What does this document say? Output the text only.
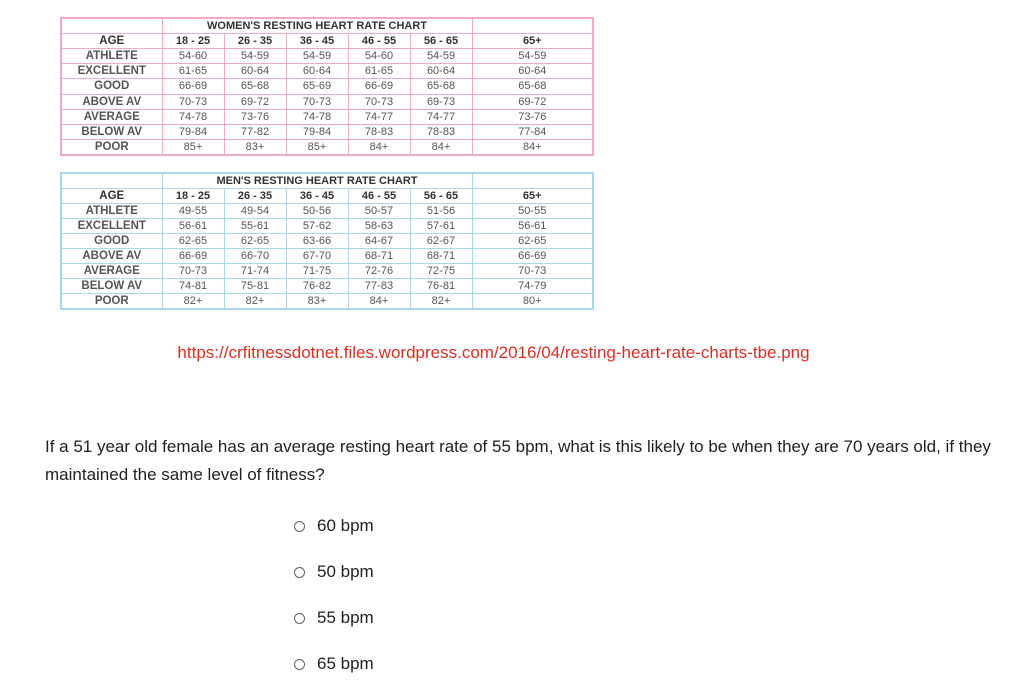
	WOMEN'S RESTING HEART RATE CHART					
AGE	18 - 25	26 - 35	36 - 45	46 - 55	56 - 65	65+
ATHLETE	54-60	54-59	54-59	54-60	54-59	54-59
EXCELLENT	61-65	60-64	60-64	61-65	60-64	60-64
GOOD	66-69	65-68	65-69	66-69	65-68	65-68
ABOVE AV	70-73	69-72	70-73	70-73	69-73	69-72
AVERAGE	74-78	73-76	74-78	74-77	74-77	73-76
BELOW AV	79-84	77-82	79-84	78-83	78-83	77-84
POOR	85+	83+	85+	84+	84+	84+
	MEN'S RESTING HEART RATE CHART					
AGE	18 - 25	26 - 35	36 - 45	46 - 55	56 - 65	65+
ATHLETE	49-55	49-54	50-56	50-57	51-56	50-55
EXCELLENT	56-61	55-61	57-62	58-63	57-61	56-61
GOOD	62-65	62-65	63-66	64-67	62-67	62-65
ABOVE AV	66-69	66-70	67-70	68-71	68-71	66-69
AVERAGE	70-73	71-74	71-75	72-76	72-75	70-73
BELOW AV	74-81	75-81	76-82	77-83	76-81	74-79
POOR	82+	82+	83+	84+	82+	80+
https://crfitnessdotnet.files.wordpress.com/2016/04/resting-heart-rate-charts-tbe.png
If a 51 year old female has an average resting heart rate of 55 bpm, what is this likely to be when they are 70 years old, if they maintained the same level of fitness?
60 bpm
50 bpm
55 bpm
65 bpm
